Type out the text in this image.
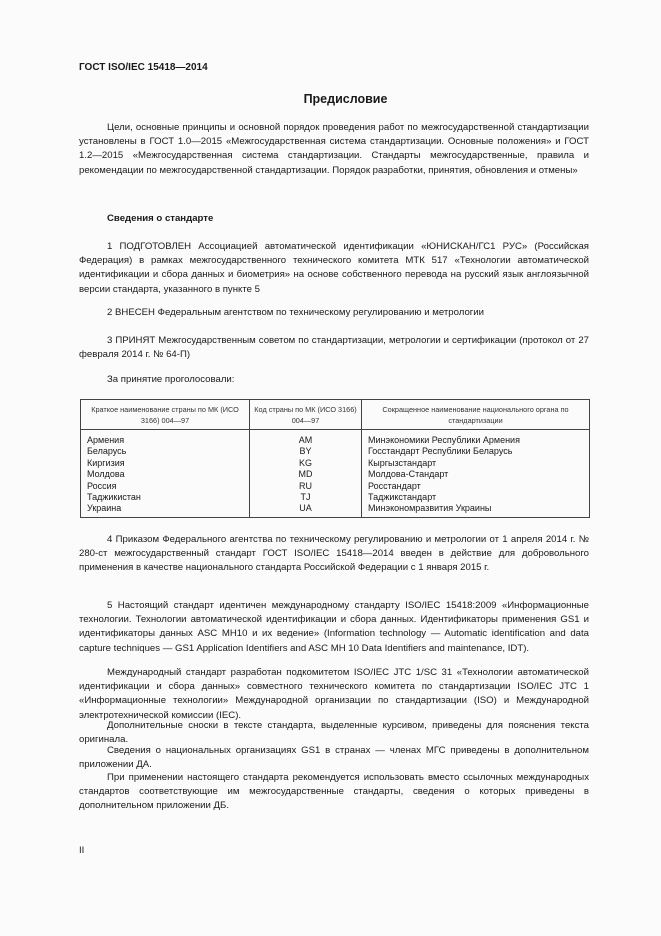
ГОСТ ISO/IEC 15418—2014
Предисловие

Цели, основные принципы и основной порядок проведения работ по межгосударственной стандартизации установлены в ГОСТ 1.0—2015 «Межгосударственная система стандартизации. Основные положения» и ГОСТ 1.2—2015 «Межгосударственная система стандартизации. Стандарты межгосударственные, правила и рекомендации по межгосударственной стандартизации. Порядок разработки, принятия, обновления и отмены»

Сведения о стандарте

1 ПОДГОТОВЛЕН Ассоциацией автоматической идентификации «ЮНИСКАН/ГС1 РУС» (Российская Федерация) в рамках межгосударственного технического комитета МТК 517 «Технологии автоматической идентификации и сбора данных и биометрия» на основе собственного перевода на русский язык англоязычной версии стандарта, указанного в пункте 5

2 ВНЕСЕН Федеральным агентством по техническому регулированию и метрологии

3 ПРИНЯТ Межгосударственным советом по стандартизации, метрологии и сертификации (протокол от 27 февраля 2014 г. № 64-П)

За принятие проголосовали:
Краткое наименование страны по МК (ИСО 3166) 004—97	Код страны по МК (ИСО 3166) 004—97	Сокращенное наименование национального органа по стандартизации
Армения	AM	Минэкономики Республики Армения
Беларусь	BY	Госстандарт Республики Беларусь
Киргизия	KG	Кыргызстандарт
Молдова	MD	Молдова-Стандарт
Россия	RU	Росстандарт
Таджикистан	TJ	Таджикстандарт
Украина	UA	Минэкономразвития Украины

4 Приказом Федерального агентства по техническому регулированию и метрологии от 1 апреля 2014 г. № 280-ст межгосударственный стандарт ГОСТ ISO/IEC 15418—2014 введен в действие для добровольного применения в качестве национального стандарта Российской Федерации с 1 января 2015 г.

5 Настоящий стандарт идентичен международному стандарту ISO/IEC 15418:2009 «Информационные технологии. Технологии автоматической идентификации и сбора данных. Идентификаторы применения GS1 и идентификаторы данных ASC MH10 и их ведение» (Information technology — Automatic identification and data capture techniques — GS1 Application Identifiers and ASC MH 10 Data Identifiers and maintenance, IDT).

Международный стандарт разработан подкомитетом ISO/IEC JTC 1/SC 31 «Технологии автоматической идентификации и сбора данных» совместного технического комитета по стандартизации ISO/IEC JTC 1 «Информационные технологии» Международной организации по стандартизации (ISO) и Международной электротехнической комиссии (IEC).

Дополнительные сноски в тексте стандарта, выделенные курсивом, приведены для пояснения текста оригинала.

Сведения о национальных организациях GS1 в странах — членах МГС приведены в дополнительном приложении ДА.

При применении настоящего стандарта рекомендуется использовать вместо ссылочных международных стандартов соответствующие им межгосударственные стандарты, сведения о которых приведены в дополнительном приложении ДБ.

II
